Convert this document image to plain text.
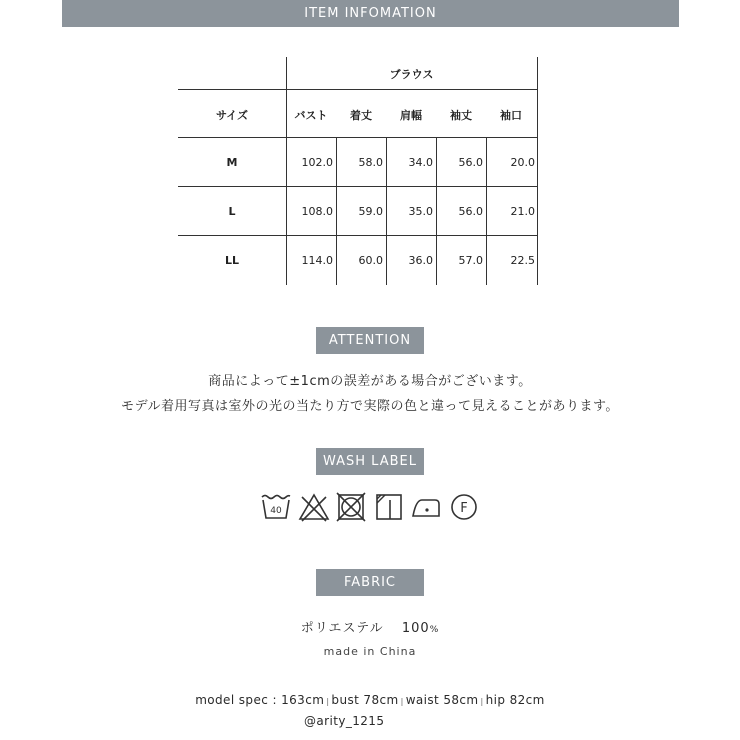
ITEM INFOMATION
ブラウス
サイズ	バスト	着丈	肩幅	袖丈	袖口
M	102.0	58.0	34.0	56.0	20.0
L	108.0	59.0	35.0	56.0	21.0
LL	114.0	60.0	36.0	57.0	22.5
ATTENTION
商品によって±1cmの誤差がある場合がございます。
モデル着用写真は室外の光の当たり方で実際の色と違って見えることがあります。
WASH LABEL
40	F
FABRIC
ポリエステル 100%
made in China
model spec : 163cm | bust 78cm | waist 58cm | hip 82cm
@arity_1215
